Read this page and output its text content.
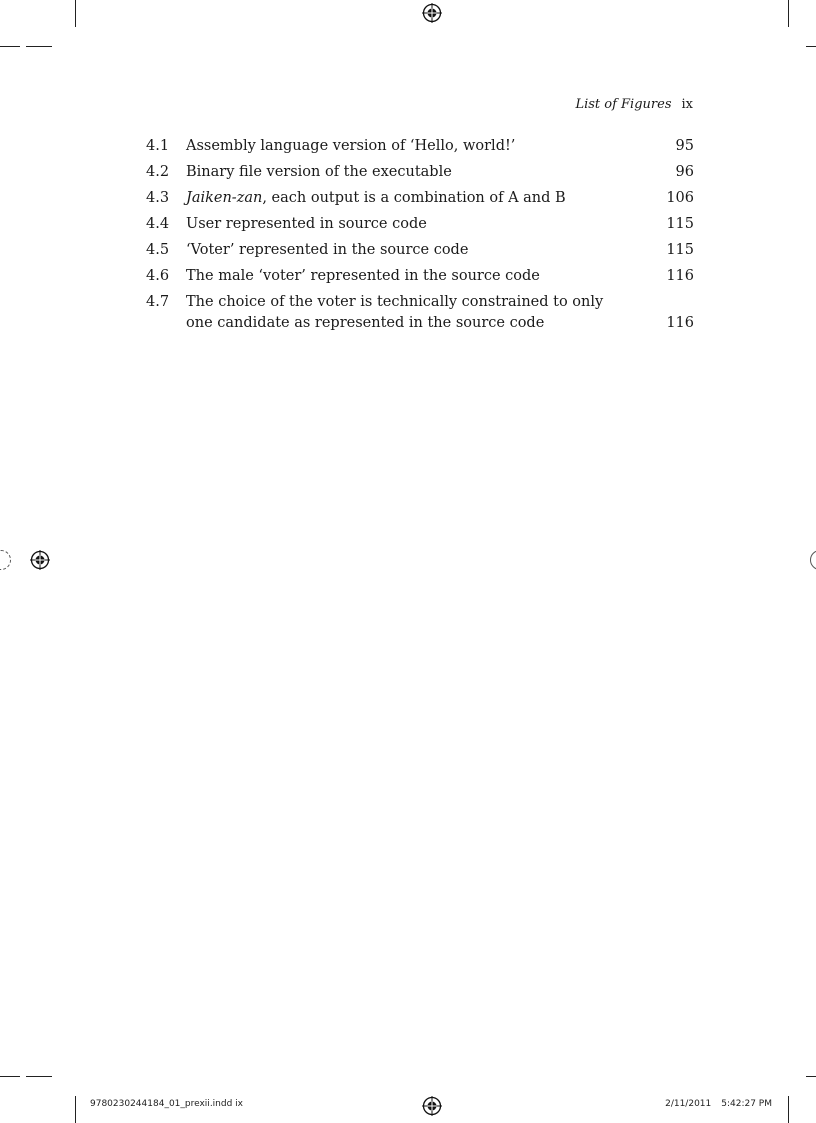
List of Figures ix
4.1	Assembly language version of ‘Hello, world!’	95
4.2	Binary file version of the executable	96
4.3	Jaiken-zan, each output is a combination of A and B	106
4.4	User represented in source code	115
4.5	‘Voter’ represented in the source code	115
4.6	The male ‘voter’ represented in the source code	116
4.7	The choice of the voter is technically constrained to only
one candidate as represented in the source code	116
9780230244184_01_prexii.indd ix	2/11/2011 5:42:27 PM
